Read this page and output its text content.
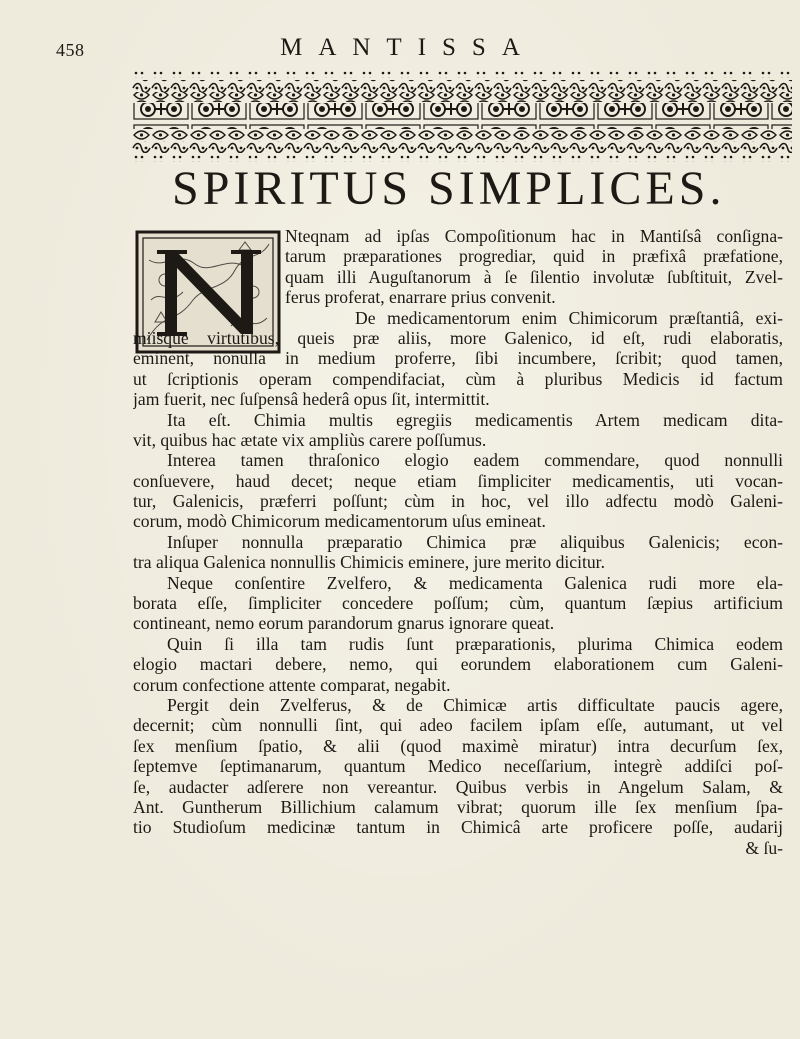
458	MANTISSA
SPIRITUS SIMPLICES.
Nteqnam ad ipſas Compoſitionum hac in Mantiſsâ conſigna-
tarum præparationes progrediar, quid in præfixâ præfatione,
quam illi Auguſtanorum à ſe ſilentio involutæ ſubſtituit, Zvel-
ferus proferat, enarrare prius convenit.
De medicamentorum enim Chimicorum præſtantiâ, exi-
miisque virtutibus, queis præ aliis, more Galenico, id eſt, rudi elaboratis,
eminent, nonulla in medium proferre, ſibi incumbere, ſcribit; quod tamen,
ut ſcriptionis operam compendifaciat, cùm à pluribus Medicis id factum
jam fuerit, nec ſuſpensâ hederâ opus ſit, intermittit.
Ita eſt. Chimia multis egregiis medicamentis Artem medicam dita-
vit, quibus hac ætate vix ampliùs carere poſſumus.
Interea tamen thraſonico elogio eadem commendare, quod nonnulli
conſuevere, haud decet; neque etiam ſimpliciter medicamentis, uti vocan-
tur, Galenicis, præferri poſſunt; cùm in hoc, vel illo adfectu modò Galeni-
corum, modò Chimicorum medicamentorum uſus emineat.
Inſuper nonnulla præparatio Chimica præ aliquibus Galenicis; econ-
tra aliqua Galenica nonnullis Chimicis eminere, jure merito dicitur.
Neque conſentire Zvelfero, & medicamenta Galenica rudi more ela-
borata eſſe, ſimpliciter concedere poſſum; cùm, quantum ſæpius artificium
contineant, nemo eorum parandorum gnarus ignorare queat.
Quin ſi illa tam rudis ſunt præparationis, plurima Chimica eodem
elogio mactari debere, nemo, qui eorundem elaborationem cum Galeni-
corum confectione attente comparat, negabit.
Pergit dein Zvelferus, & de Chimicæ artis difficultate paucis agere,
decernit; cùm nonnulli ſint, qui adeo facilem ipſam eſſe, autumant, ut vel
ſex menſium ſpatio, & alii (quod maximè miratur) intra decurſum ſex,
ſeptemve ſeptimanarum, quantum Medico neceſſarium, integrè addiſci poſ-
ſe, audacter adſerere non vereantur. Quibus verbis in Angelum Salam, &
Ant. Guntherum Billichium calamum vibrat; quorum ille ſex menſium ſpa-
tio Studioſum medicinæ tantum in Chimicâ arte proficere poſſe, audarij
& ſu-
